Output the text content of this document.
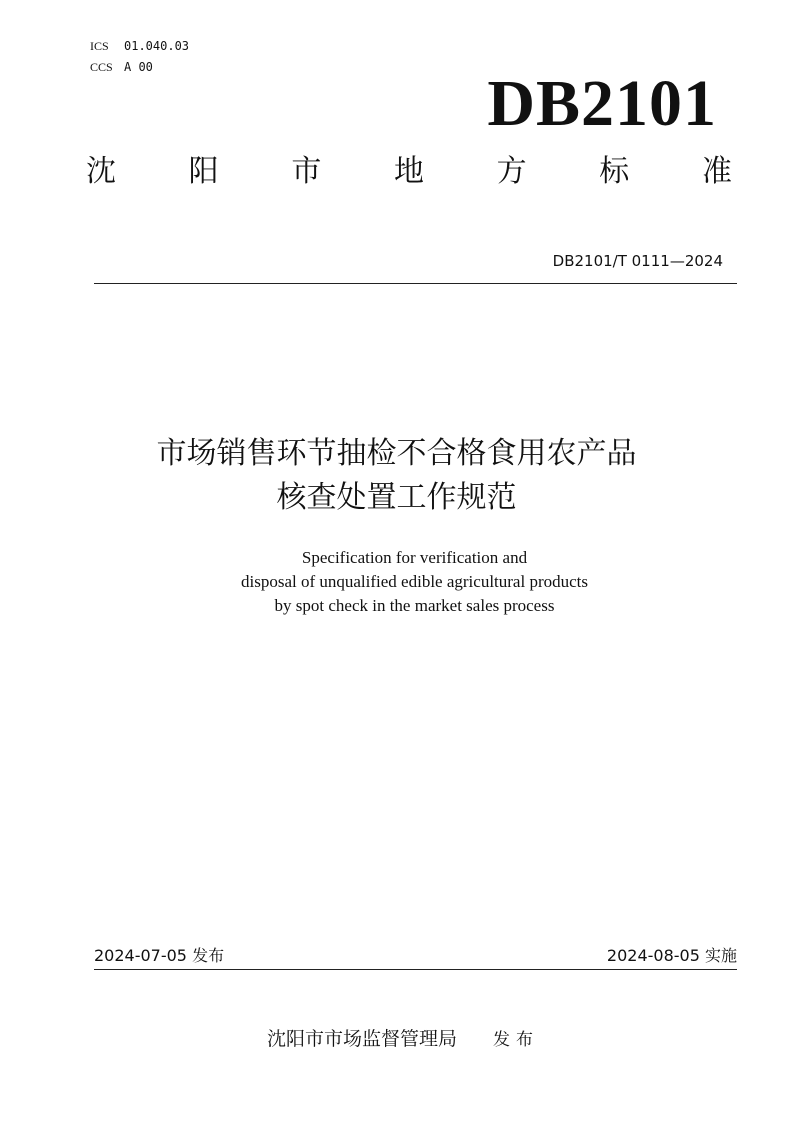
ICS 01.040.03
CCS A 00	DB2101
沈 阳 市 地 方 标 准
DB2101/T 0111—2024
市场销售环节抽检不合格食用农产品
核查处置工作规范
Specification for verification and
disposal of unqualified edible agricultural products
by spot check in the market sales process
2024-07-05 发布	2024-08-05 实施
沈阳市市场监督管理局 发布
